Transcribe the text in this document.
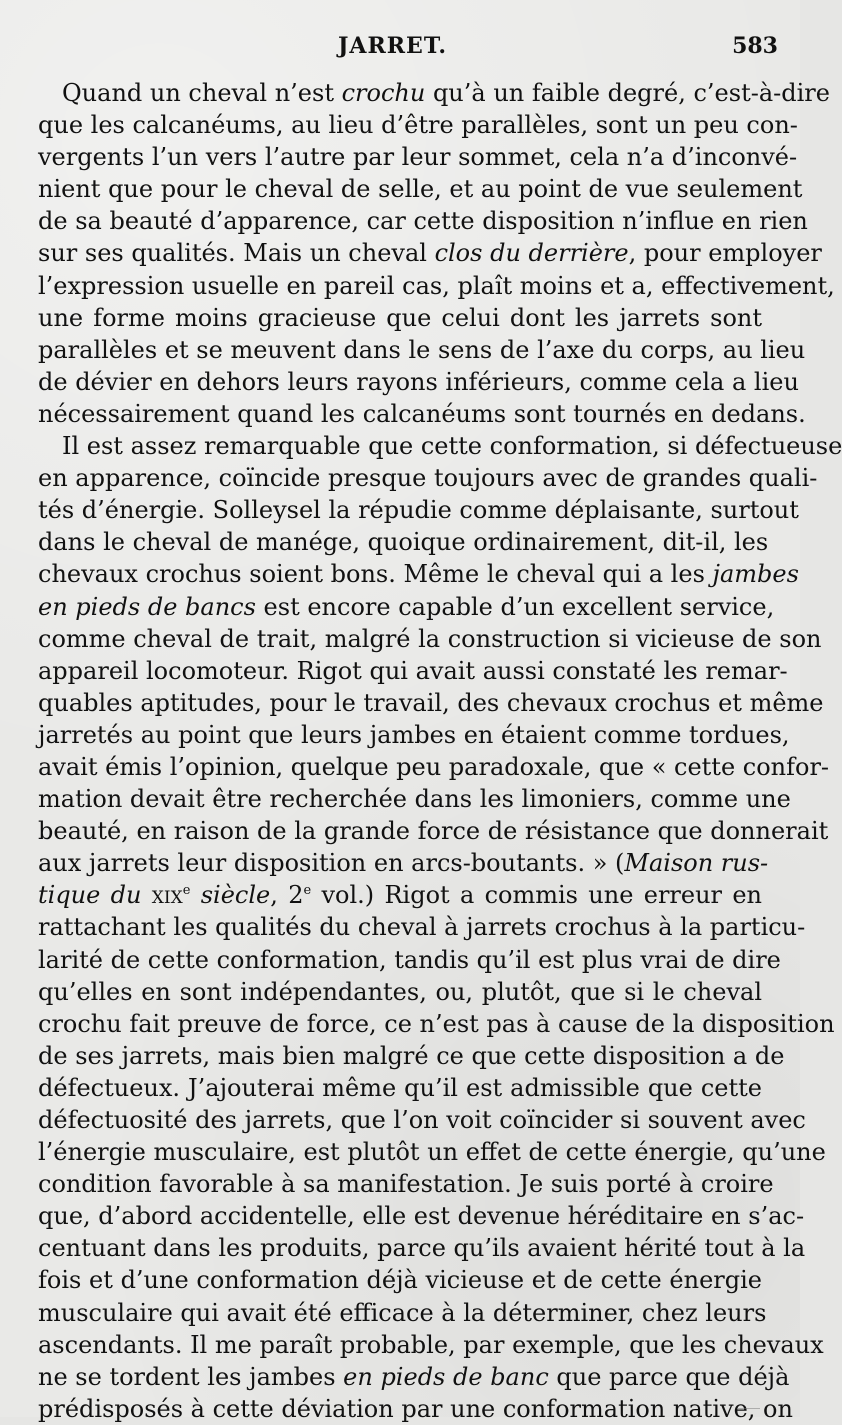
JARRET.	583
Quand un cheval n’est crochu qu’à un faible degré, c’est-à-dire
que les calcanéums, au lieu d’être parallèles, sont un peu con-
vergents l’un vers l’autre par leur sommet, cela n’a d’inconvé-
nient que pour le cheval de selle, et au point de vue seulement
de sa beauté d’apparence, car cette disposition n’influe en rien
sur ses qualités. Mais un cheval clos du derrière, pour employer
l’expression usuelle en pareil cas, plaît moins et a, effectivement,
une forme moins gracieuse que celui dont les jarrets sont
parallèles et se meuvent dans le sens de l’axe du corps, au lieu
de dévier en dehors leurs rayons inférieurs, comme cela a lieu
nécessairement quand les calcanéums sont tournés en dedans.
Il est assez remarquable que cette conformation, si défectueuse
en apparence, coïncide presque toujours avec de grandes quali-
tés d’énergie. Solleysel la répudie comme déplaisante, surtout
dans le cheval de manége, quoique ordinairement, dit-il, les
chevaux crochus soient bons. Même le cheval qui a les jambes
en pieds de bancs est encore capable d’un excellent service,
comme cheval de trait, malgré la construction si vicieuse de son
appareil locomoteur. Rigot qui avait aussi constaté les remar-
quables aptitudes, pour le travail, des chevaux crochus et même
jarretés au point que leurs jambes en étaient comme tordues,
avait émis l’opinion, quelque peu paradoxale, que « cette confor-
mation devait être recherchée dans les limoniers, comme une
beauté, en raison de la grande force de résistance que donnerait
aux jarrets leur disposition en arcs-boutants. » (Maison rus-
tique du xix$^e$ siècle, 2e vol.) Rigot a commis une erreur en
rattachant les qualités du cheval à jarrets crochus à la particu-
larité de cette conformation, tandis qu’il est plus vrai de dire
qu’elles en sont indépendantes, ou, plutôt, que si le cheval
crochu fait preuve de force, ce n’est pas à cause de la disposition
de ses jarrets, mais bien malgré ce que cette disposition a de
défectueux. J’ajouterai même qu’il est admissible que cette
défectuosité des jarrets, que l’on voit coïncider si souvent avec
l’énergie musculaire, est plutôt un effet de cette énergie, qu’une
condition favorable à sa manifestation. Je suis porté à croire
que, d’abord accidentelle, elle est devenue héréditaire en s’ac-
centuant dans les produits, parce qu’ils avaient hérité tout à la
fois et d’une conformation déjà vicieuse et de cette énergie
musculaire qui avait été efficace à la déterminer, chez leurs
ascendants. Il me paraît probable, par exemple, que les chevaux
ne se tordent les jambes en pieds de banc que parce que déjà
prédisposés à cette déviation par une conformation native, on
